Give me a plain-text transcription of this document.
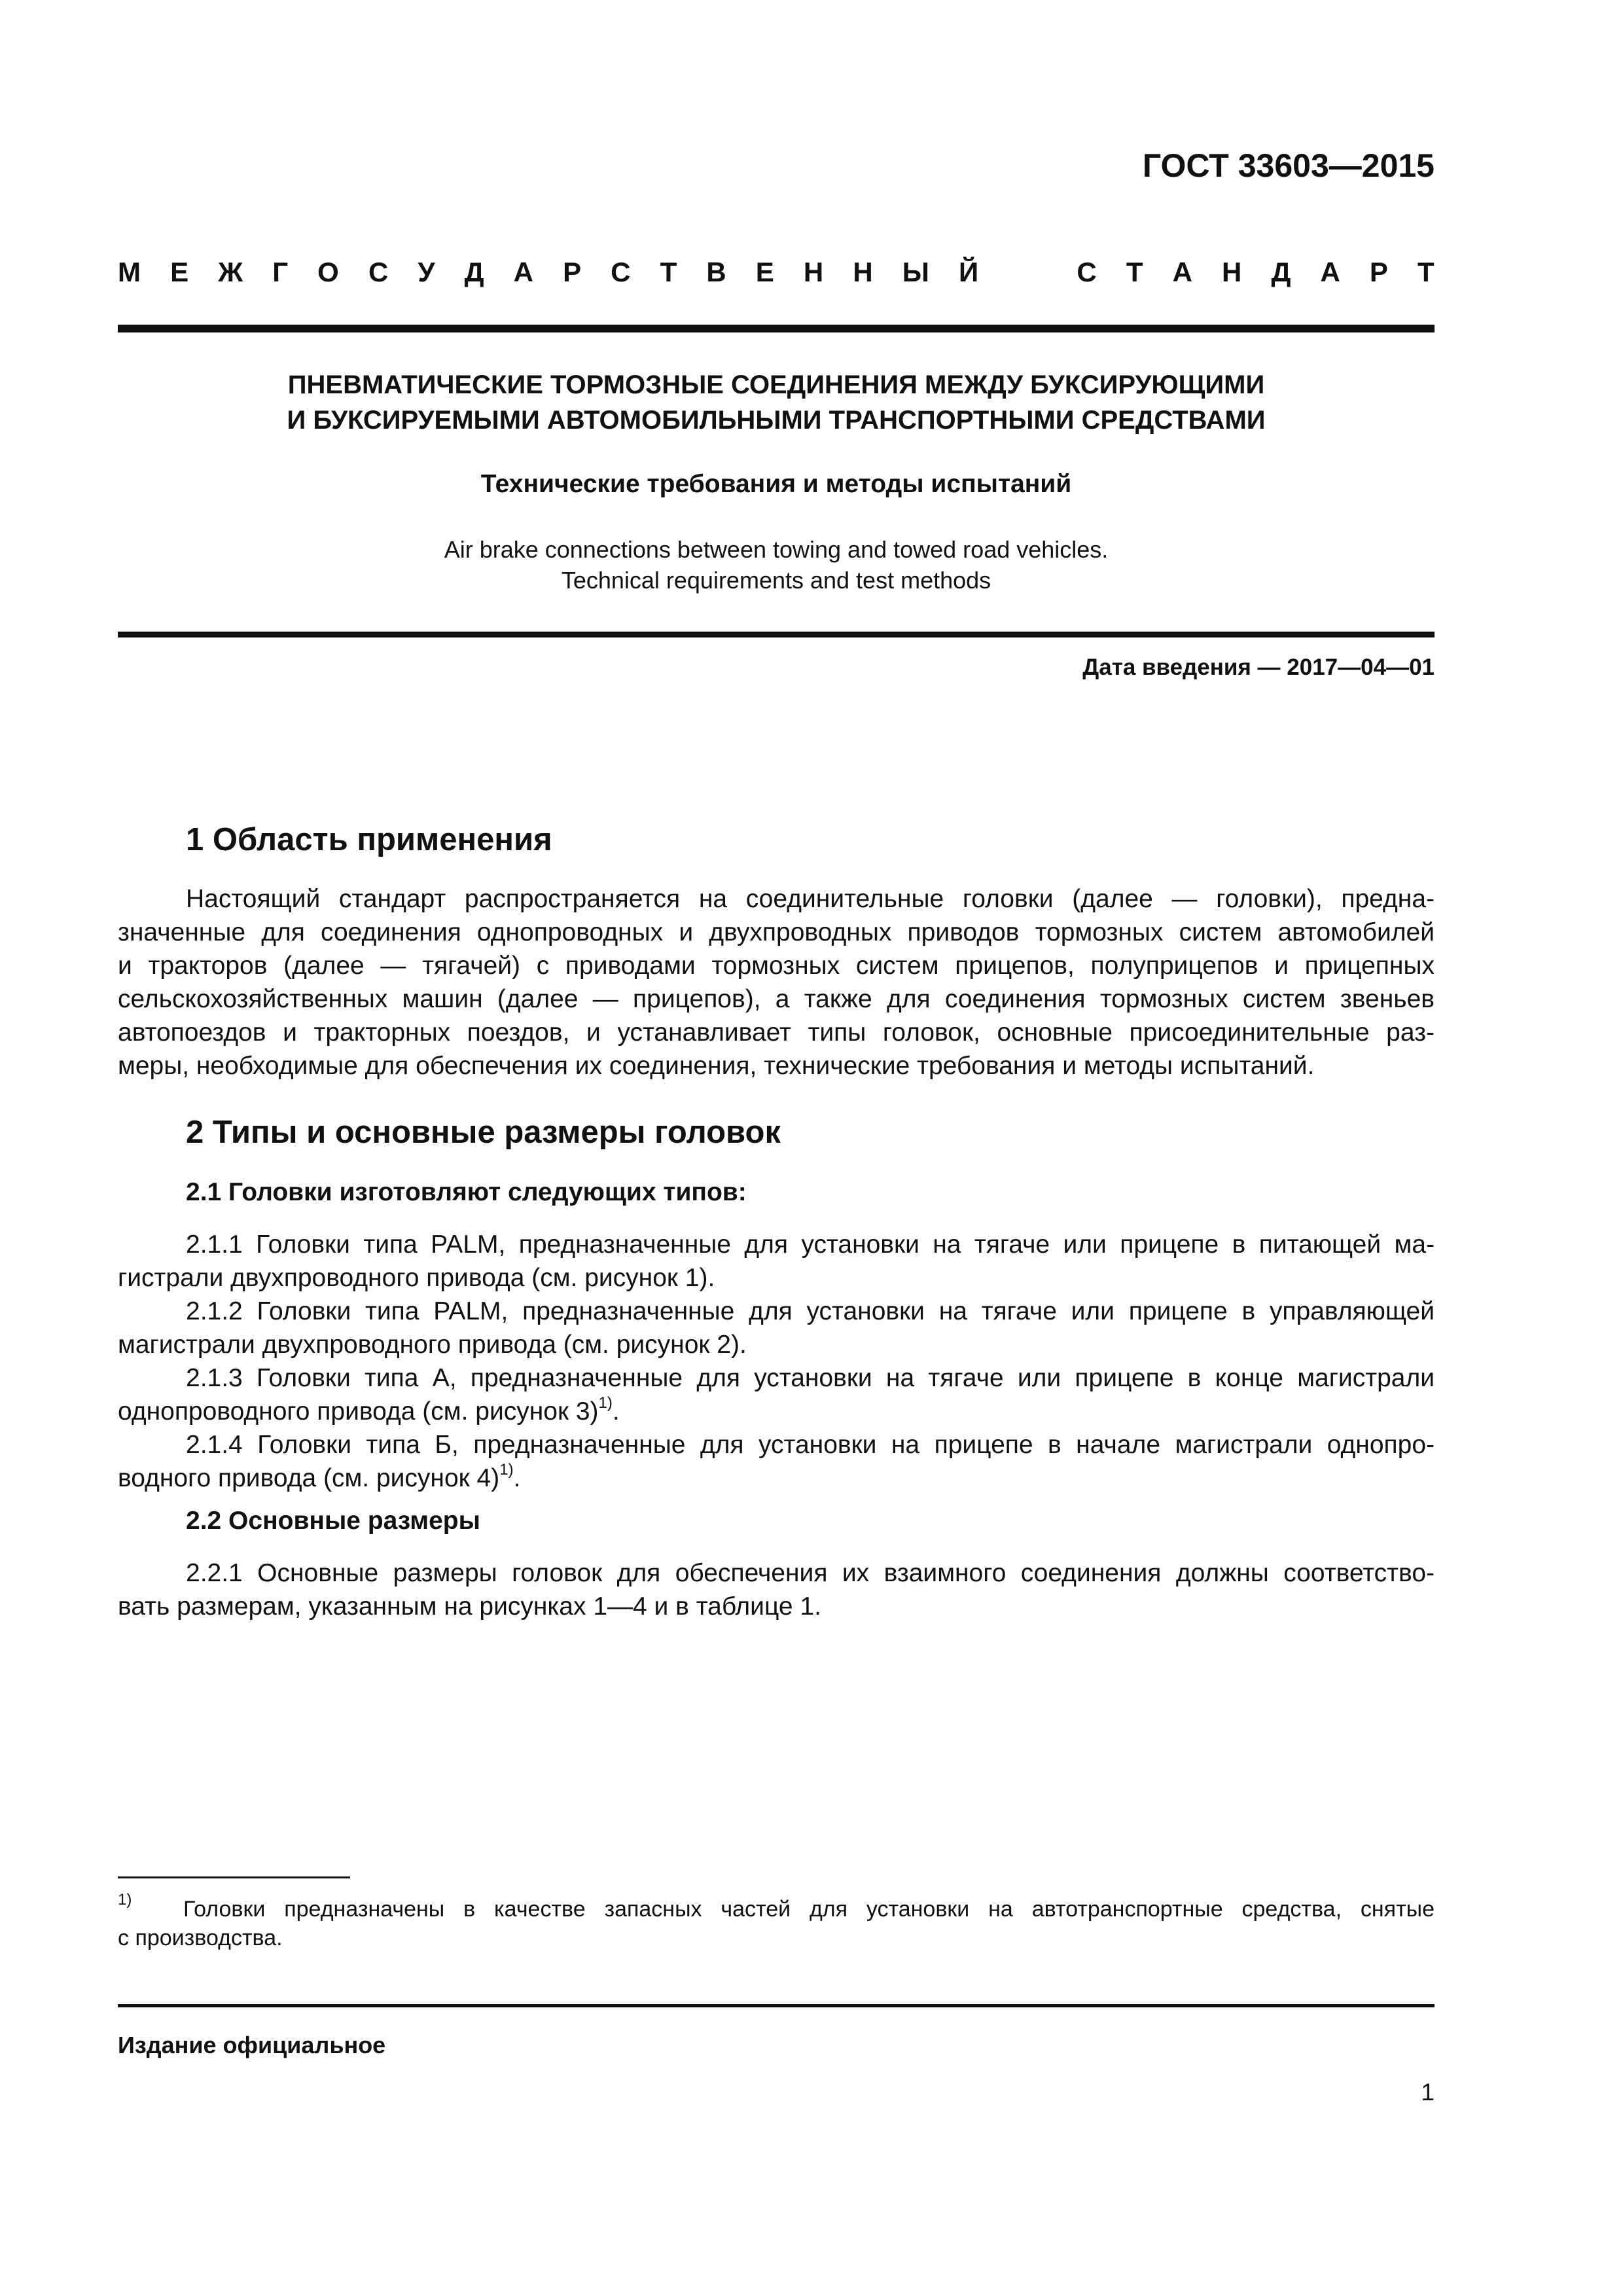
ГОСТ 33603—2015
М Е Ж Г О С У Д А Р С Т В Е Н Н Ы Й	С Т А Н Д А Р Т
ПНЕВМАТИЧЕСКИЕ ТОРМОЗНЫЕ СОЕДИНЕНИЯ МЕЖДУ БУКСИРУЮЩИМИ
И БУКСИРУЕМЫМИ АВТОМОБИЛЬНЫМИ ТРАНСПОРТНЫМИ СРЕДСТВАМИ
Технические требования и методы испытаний
Air brake connections between towing and towed road vehicles.
Technical requirements and test methods
Дата введения — 2017—04—01
1 Область применения
Настоящий стандарт распространяется на соединительные головки (далее — головки), предна-
значенные для соединения однопроводных и двухпроводных приводов тормозных систем автомобилей
и тракторов (далее — тягачей) с приводами тормозных систем прицепов, полуприцепов и прицепных
сельскохозяйственных машин (далее — прицепов), а также для соединения тормозных систем звеньев
автопоездов и тракторных поездов, и устанавливает типы головок, основные присоединительные раз-
меры, необходимые для обеспечения их соединения, технические требования и методы испытаний.
2 Типы и основные размеры головок
2.1 Головки изготовляют следующих типов:
2.1.1 Головки типа PALM, предназначенные для установки на тягаче или прицепе в питающей ма-
гистрали двухпроводного привода (см. рисунок 1).
2.1.2 Головки типа PALM, предназначенные для установки на тягаче или прицепе в управляющей
магистрали двухпроводного привода (см. рисунок 2).
2.1.3 Головки типа А, предназначенные для установки на тягаче или прицепе в конце магистрали
однопроводного привода (см. рисунок 3)$^{1)}$.
2.1.4 Головки типа Б, предназначенные для установки на прицепе в начале магистрали однопро-
водного привода (см. рисунок 4)$^{1)}$.
2.2 Основные размеры
2.2.1 Основные размеры головок для обеспечения их взаимного соединения должны соответство-
вать размерам, указанным на рисунках 1—4 и в таблице 1.
$^{1)}$ Головки предназначены в качестве запасных частей для установки на автотранспортные средства, снятые
с производства.
Издание официальное
1
